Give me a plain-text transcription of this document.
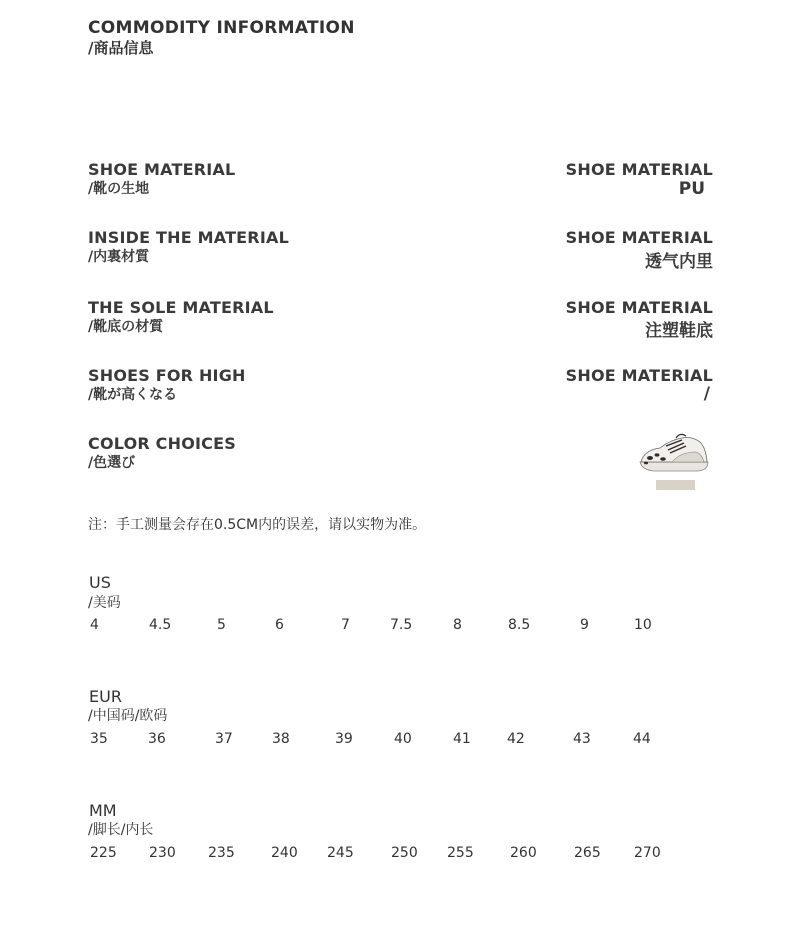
COMMODITY INFORMATION
/商品信息
SHOE MATERIAL
/靴の生地
SHOE MATERIAL
PU
INSIDE THE MATERIAL
/内裏材質
SHOE MATERIAL
透气内里
THE SOLE MATERIAL
/靴底の材質
SHOE MATERIAL
注塑鞋底
SHOES FOR HIGH
/靴が高くなる
SHOE MATERIAL
/
COLOR CHOICES
/色選び
注：手工测量会存在0.5CM内的误差，请以实物为准。
US
/美码
4	4.5	5	6	7	7.5	8	8.5	9	10
EUR
/中国码/欧码
35	36	37	38	39	40	41	42	43	44
MM
/脚长/内长
225 230 235	240 245	250 255	260	265 270
